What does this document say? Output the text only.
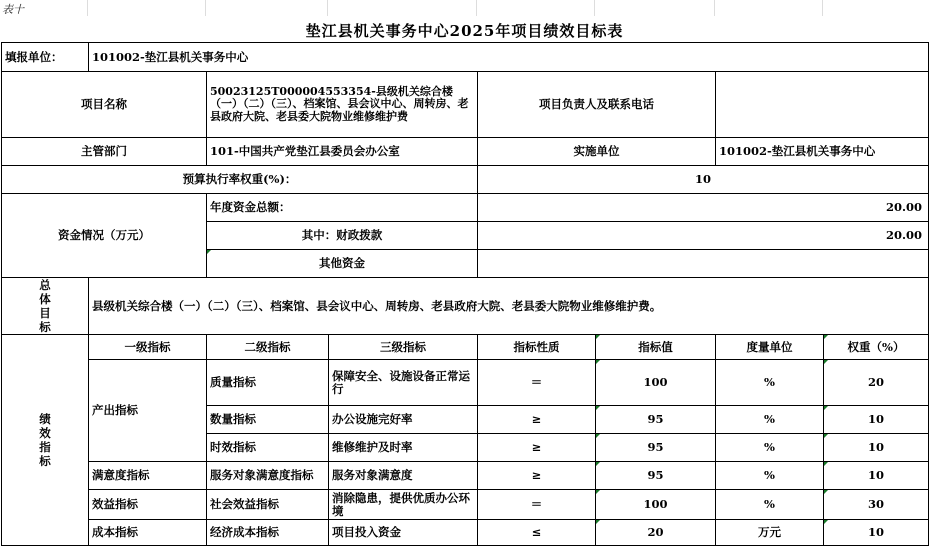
表十
垫江县机关事务中心2025年项目绩效目标表
填报单位：	101002-垫江县机关事务中心						
项目名称		50023125T000004553354-县级机关综合楼（一）（二）（三）、档案馆、县会议中心、周转房、老县政府大院、老县委大院物业维修维护费		项目负责人及联系电话			
主管部门		101-中国共产党垫江县委员会办公室		实施单位		101002-垫江县机关事务中心	
预算执行率权重(%)：				10			
资金情况（万元）		年度资金总额：		20.00			
		其中：财政拨款		20.00			
		其他资金					
总体目标	县级机关综合楼（一）（二）（三）、档案馆、县会议中心、周转房、老县政府大院、老县委大院物业维修维护费。						
绩效指标	一级指标	二级指标	三级指标	指标性质	指标值	度量单位	权重（%）
	产出指标	质量指标	保障安全、设施设备正常运行	＝	100	%	20
		数量指标	办公设施完好率	≥	95	%	10
		时效指标	维修维护及时率	≥	95	%	10
	满意度指标	服务对象满意度指标	服务对象满意度	≥	95	%	10
	效益指标	社会效益指标	消除隐患，提供优质办公环境	＝	100	%	30
	成本指标	经济成本指标	项目投入资金	≤	20	万元	10
